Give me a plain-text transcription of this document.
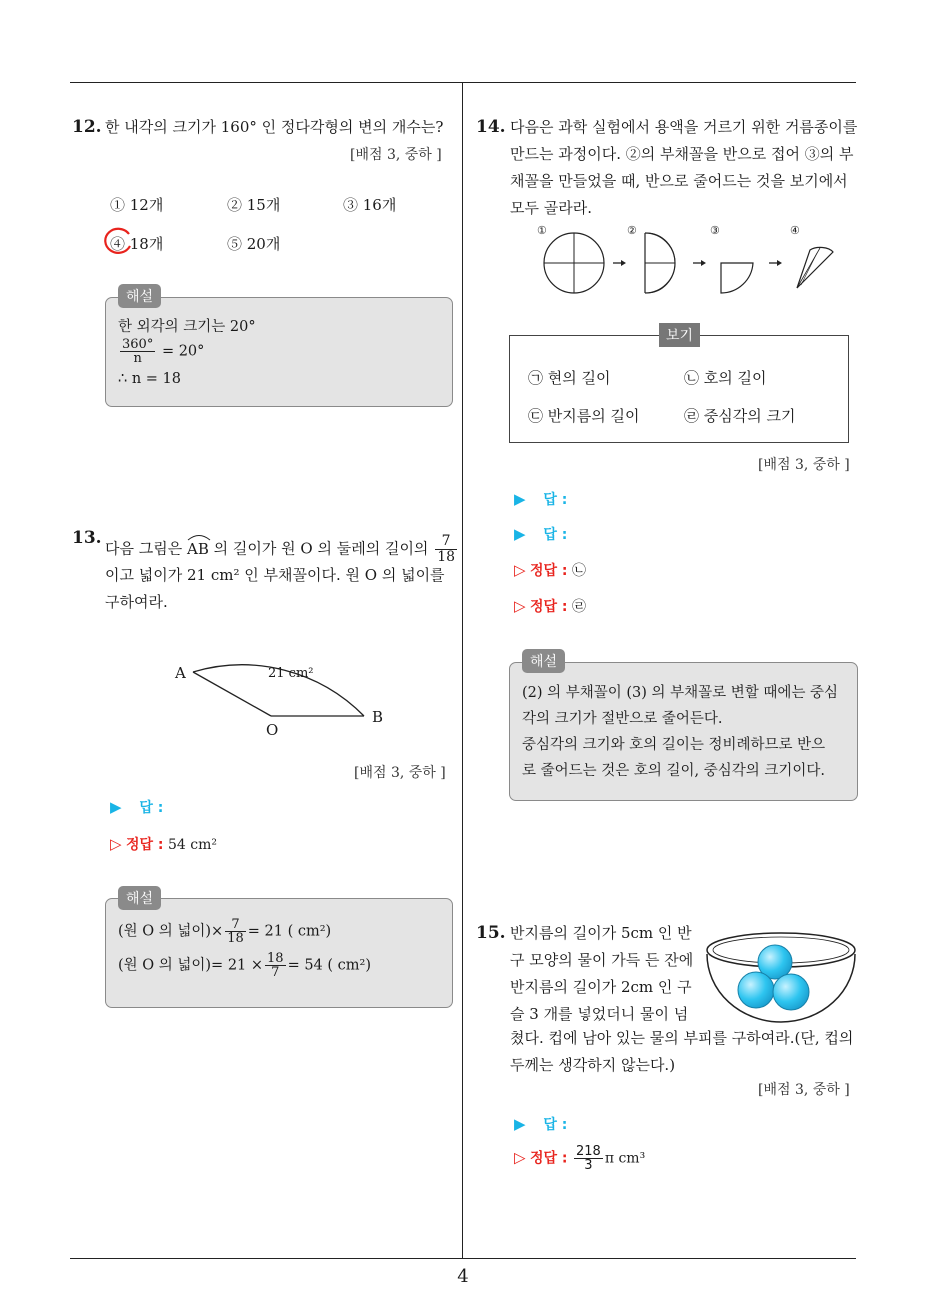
12. 한 내각의 크기가 160° 인 정다각형의 변의 개수는?
[배점 3, 중하 ]
① 12개	② 15개	③ 16개
④ 18개	⑤ 20개
해설
한 외각의 크기는 20°
$\frac{360^\circ}{n} = 20^\circ$
∴ n = 18
13.
다음 그림은 AB 의 길이가 원 O 의 둘레의 길이의 $\frac{7}{18}$
이고 넓이가 21 cm² 인 부채꼴이다. 원 O 의 넓이를
구하여라.
A
B
O
21 cm²
[배점 3, 중하 ]
▶ 답 :
▷ 정답 : 54 cm²
해설
(원 O 의 넓이)× $\frac{7}{18} = 21$ ( cm²)
(원 O 의 넓이)= $21 \times \frac{18}{7} = 54$ ( cm²)
14. 다음은 과학 실험에서 용액을 거르기 위한 거름종이를
만드는 과정이다. ②의 부채꼴을 반으로 접어 ③의 부
채꼴을 만들었을 때, 반으로 줄어드는 것을 보기에서
모두 골라라.
①	②	③	④
보기
㉠ 현의 길이	㉡ 호의 길이
㉢ 반지름의 길이	㉣ 중심각의 크기
[배점 3, 중하 ]
▶ 답 :
▶ 답 :
▷ 정답 : ㉡
▷ 정답 : ㉣
해설
(2) 의 부채꼴이 (3) 의 부채꼴로 변할 때에는 중심
각의 크기가 절반으로 줄어든다.
중심각의 크기와 호의 길이는 정비례하므로 반으
로 줄어드는 것은 호의 길이, 중심각의 크기이다.
15. 반지름의 길이가 5cm 인 반
구 모양의 물이 가득 든 잔에
반지름의 길이가 2cm 인 구
슬 3 개를 넣었더니 물이 넘
쳤다. 컵에 남아 있는 물의 부피를 구하여라.(단, 컵의
두께는 생각하지 않는다.)
[배점 3, 중하 ]
▶ 답 :
▷ 정답 : $\frac{218}{3}$ π cm³
4
